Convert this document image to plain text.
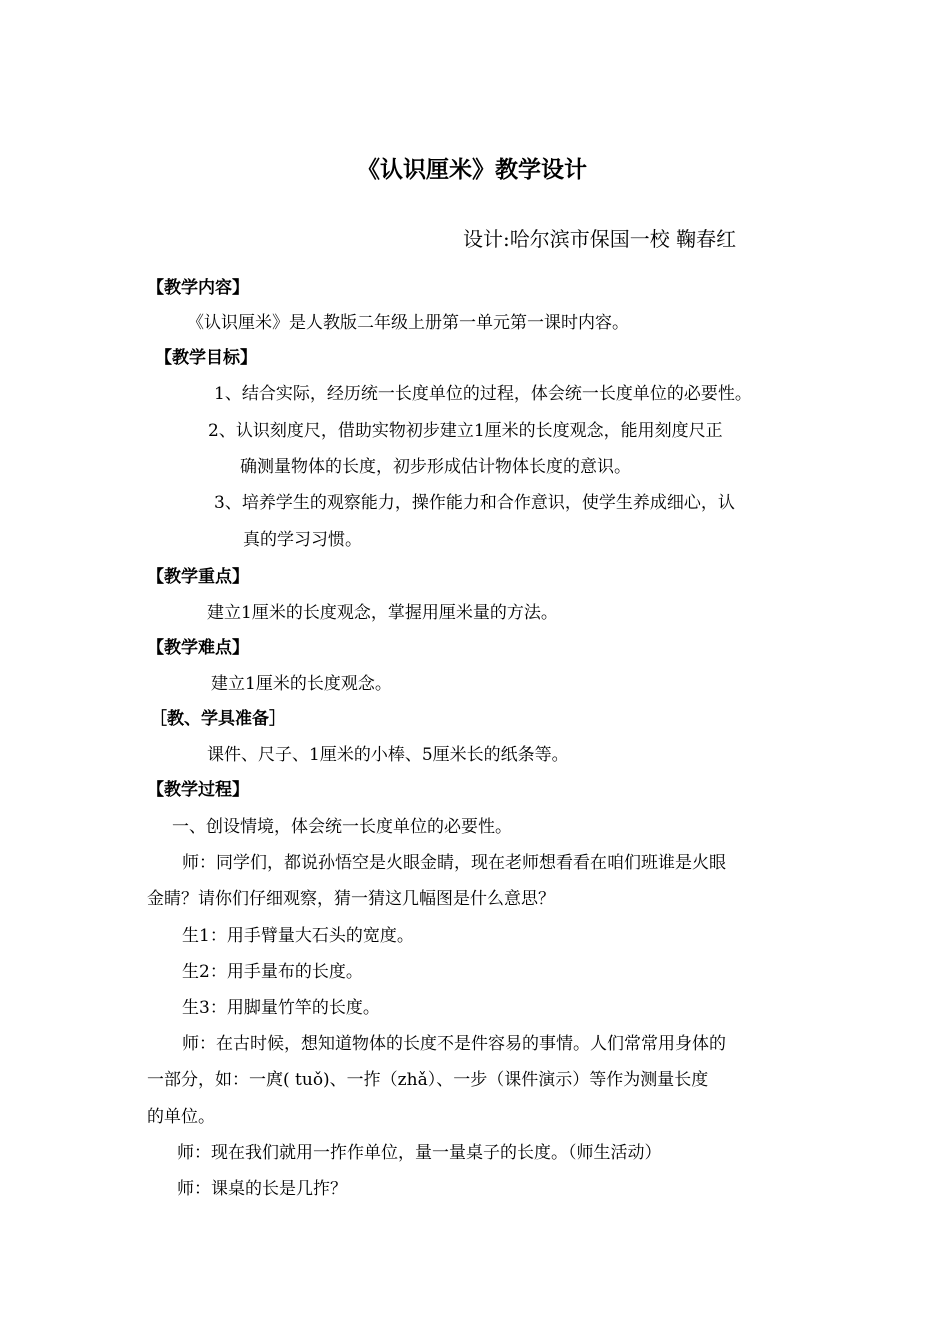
《认识厘米》教学设计
设计:哈尔滨市保国一校 鞠春红
【教学内容】
《认识厘米》是人教版二年级上册第一单元第一课时内容。
【教学目标】
1、结合实际，经历统一长度单位的过程，体会统一长度单位的必要性。
2、认识刻度尺，借助实物初步建立1厘米的长度观念，能用刻度尺正
确测量物体的长度，初步形成估计物体长度的意识。
3、培养学生的观察能力，操作能力和合作意识，使学生养成细心，认
真的学习习惯。
【教学重点】
建立1厘米的长度观念，掌握用厘米量的方法。
【教学难点】
建立1厘米的长度观念。
［教、学具准备］
课件、尺子、1厘米的小棒、5厘米长的纸条等。
【教学过程】
一、创设情境，体会统一长度单位的必要性。
师：同学们，都说孙悟空是火眼金睛，现在老师想看看在咱们班谁是火眼
金睛？请你们仔细观察，猜一猜这几幅图是什么意思？
生1：用手臂量大石头的宽度。
生2：用手量布的长度。
生3：用脚量竹竿的长度。
师：在古时候，想知道物体的长度不是件容易的事情。人们常常用身体的
一部分，如：一庹( tuǒ)、一拃（zhǎ）、一步（课件演示）等作为测量长度
的单位。
师：现在我们就用一拃作单位，量一量桌子的长度。（师生活动）
师：课桌的长是几拃？
